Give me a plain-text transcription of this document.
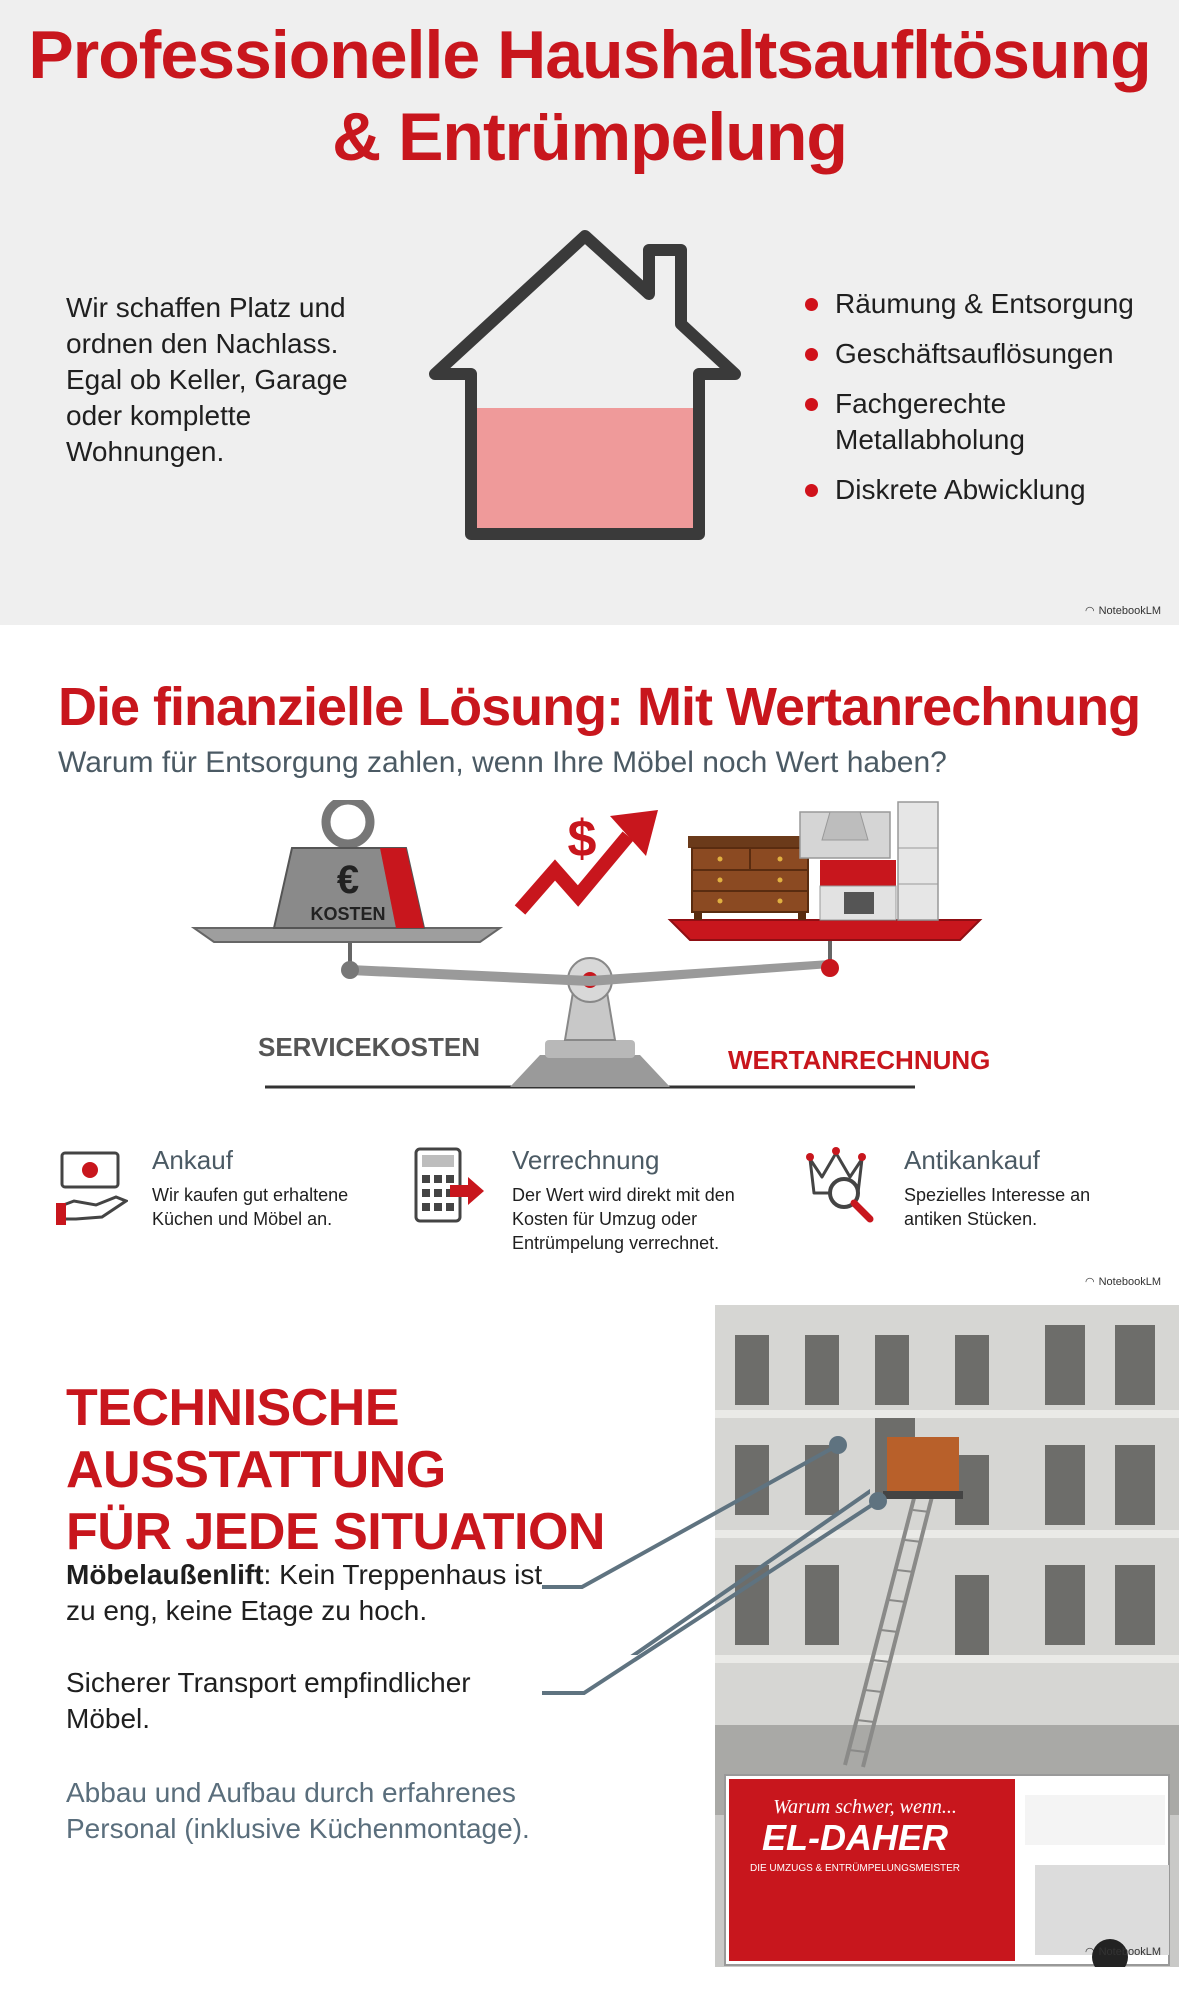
Professionelle Haushaltsaufltösung
& Entrümpelung
Wir schaffen Platz und ordnen den Nachlass. Egal ob Keller, Garage oder komplette Wohnungen.
Räumung & Entsorgung
Geschäftsauflösungen
Fachgerechte Metallabholung
Diskrete Abwicklung
◠ NotebookLM
Die finanzielle Lösung: Mit Wertanrechnung
Warum für Entsorgung zahlen, wenn Ihre Möbel noch Wert haben?
€
KOSTEN
$
SERVICEKOSTEN	WERTANRECHNUNG
Ankauf
Wir kaufen gut erhaltene Küchen und Möbel an.
Verrechnung
Der Wert wird direkt mit den Kosten für Umzug oder Entrümpelung verrechnet.
Antikankauf
Spezielles Interesse an antiken Stücken.
◠ NotebookLM
TECHNISCHE AUSSTATTUNG
FÜR JEDE SITUATION
Möbelaußenlift: Kein Treppenhaus ist zu eng, keine Etage zu hoch.
Sicherer Transport empfindlicher Möbel.
Abbau und Aufbau durch erfahrenes Personal (inklusive Küchenmontage).
Warum schwer, wenn...
EL-DAHER
DIE UMZUGS & ENTRÜMPELUNGSMEISTER
◠ NotebookLM
